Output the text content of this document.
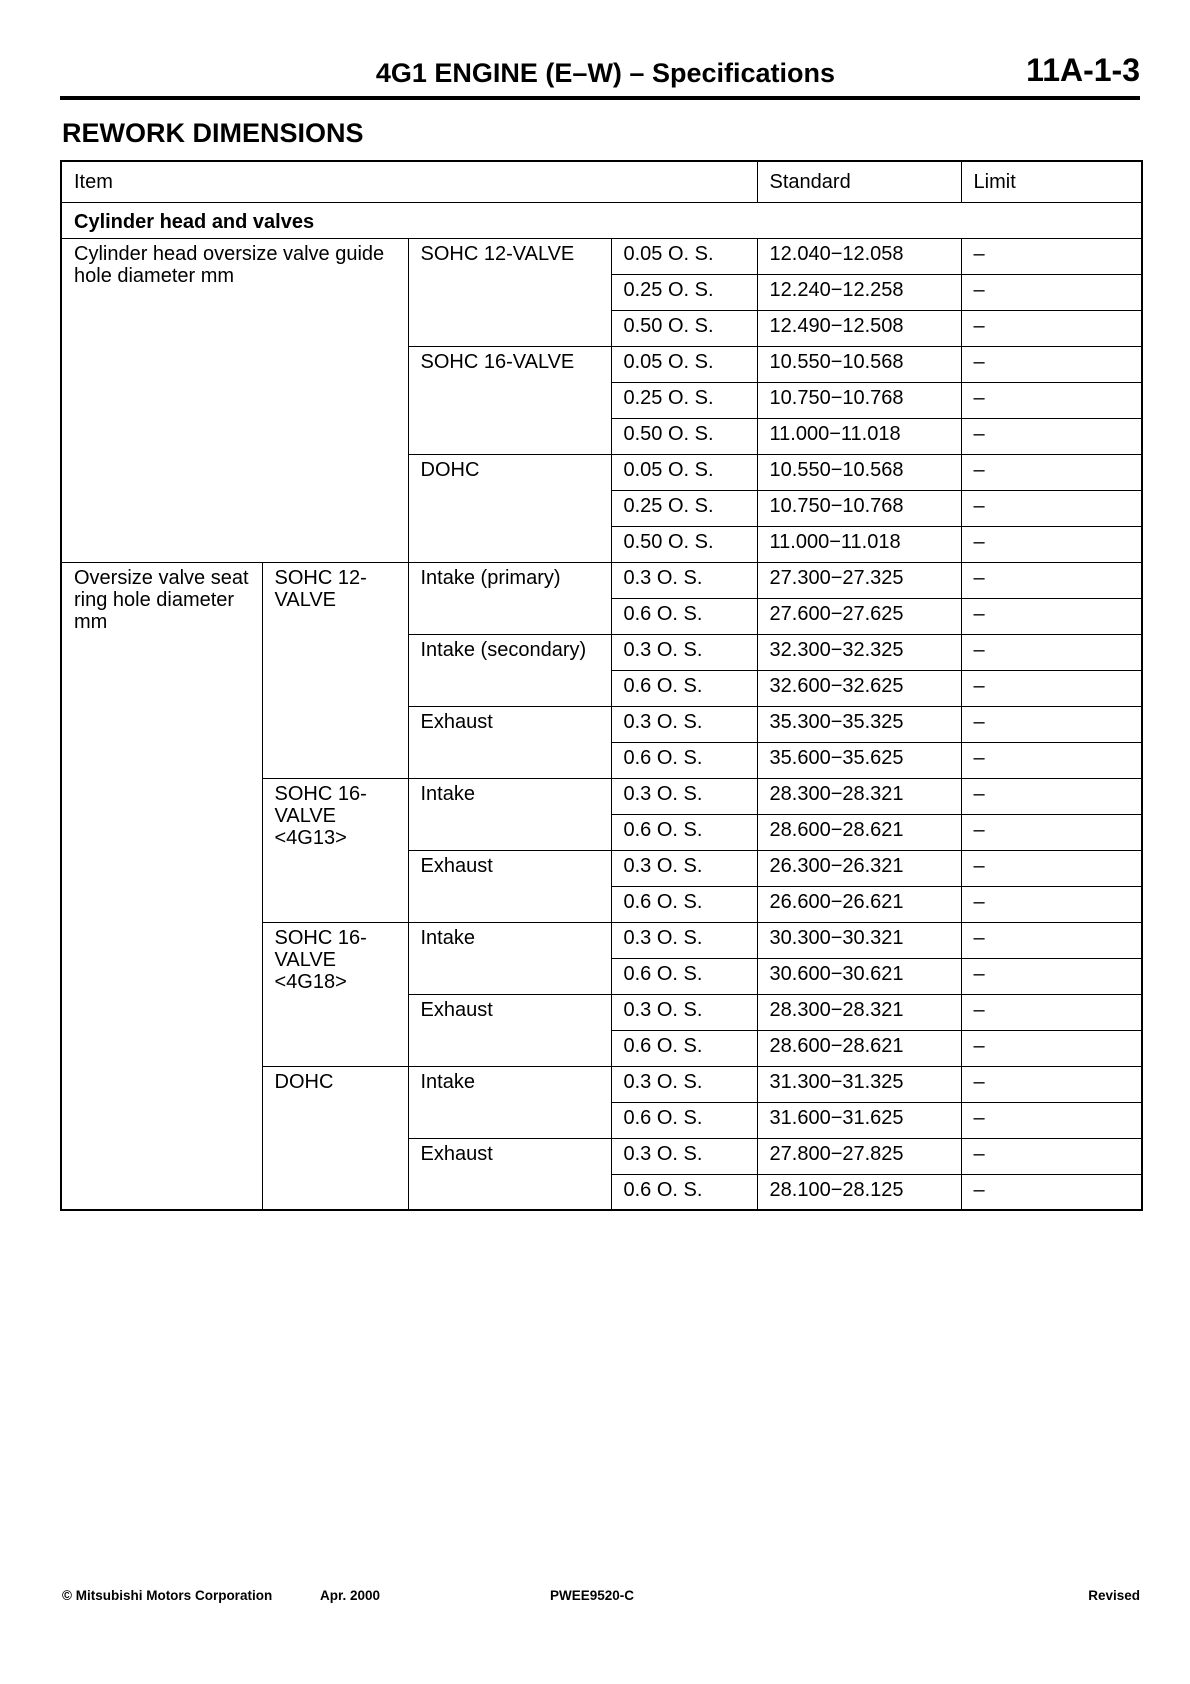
4G1 ENGINE (E–W) – Specifications	11A-1-3
REWORK DIMENSIONS
Item				Standard	Limit
Cylinder head and valves					
Cylinder head oversize valve guide hole diameter mm		SOHC 12-VALVE	0.05 O. S.	12.040−12.058	–
			0.25 O. S.	12.240−12.258	–
			0.50 O. S.	12.490−12.508	–
		SOHC 16-VALVE	0.05 O. S.	10.550−10.568	–
			0.25 O. S.	10.750−10.768	–
			0.50 O. S.	11.000−11.018	–
		DOHC	0.05 O. S.	10.550−10.568	–
			0.25 O. S.	10.750−10.768	–
			0.50 O. S.	11.000−11.018	–
Oversize valve seat ring hole diameter mm	SOHC 12-VALVE	Intake (primary)	0.3 O. S.	27.300−27.325	–
			0.6 O. S.	27.600−27.625	–
		Intake (secondary)	0.3 O. S.	32.300−32.325	–
			0.6 O. S.	32.600−32.625	–
		Exhaust	0.3 O. S.	35.300−35.325	–
			0.6 O. S.	35.600−35.625	–
	SOHC 16-VALVE <4G13>	Intake	0.3 O. S.	28.300−28.321	–
			0.6 O. S.	28.600−28.621	–
		Exhaust	0.3 O. S.	26.300−26.321	–
			0.6 O. S.	26.600−26.621	–
	SOHC 16-VALVE <4G18>	Intake	0.3 O. S.	30.300−30.321	–
			0.6 O. S.	30.600−30.621	–
		Exhaust	0.3 O. S.	28.300−28.321	–
			0.6 O. S.	28.600−28.621	–
	DOHC	Intake	0.3 O. S.	31.300−31.325	–
			0.6 O. S.	31.600−31.625	–
		Exhaust	0.3 O. S.	27.800−27.825	–
			0.6 O. S.	28.100−28.125	–
© Mitsubishi Motors Corporation	Apr. 2000	PWEE9520-C	Revised
